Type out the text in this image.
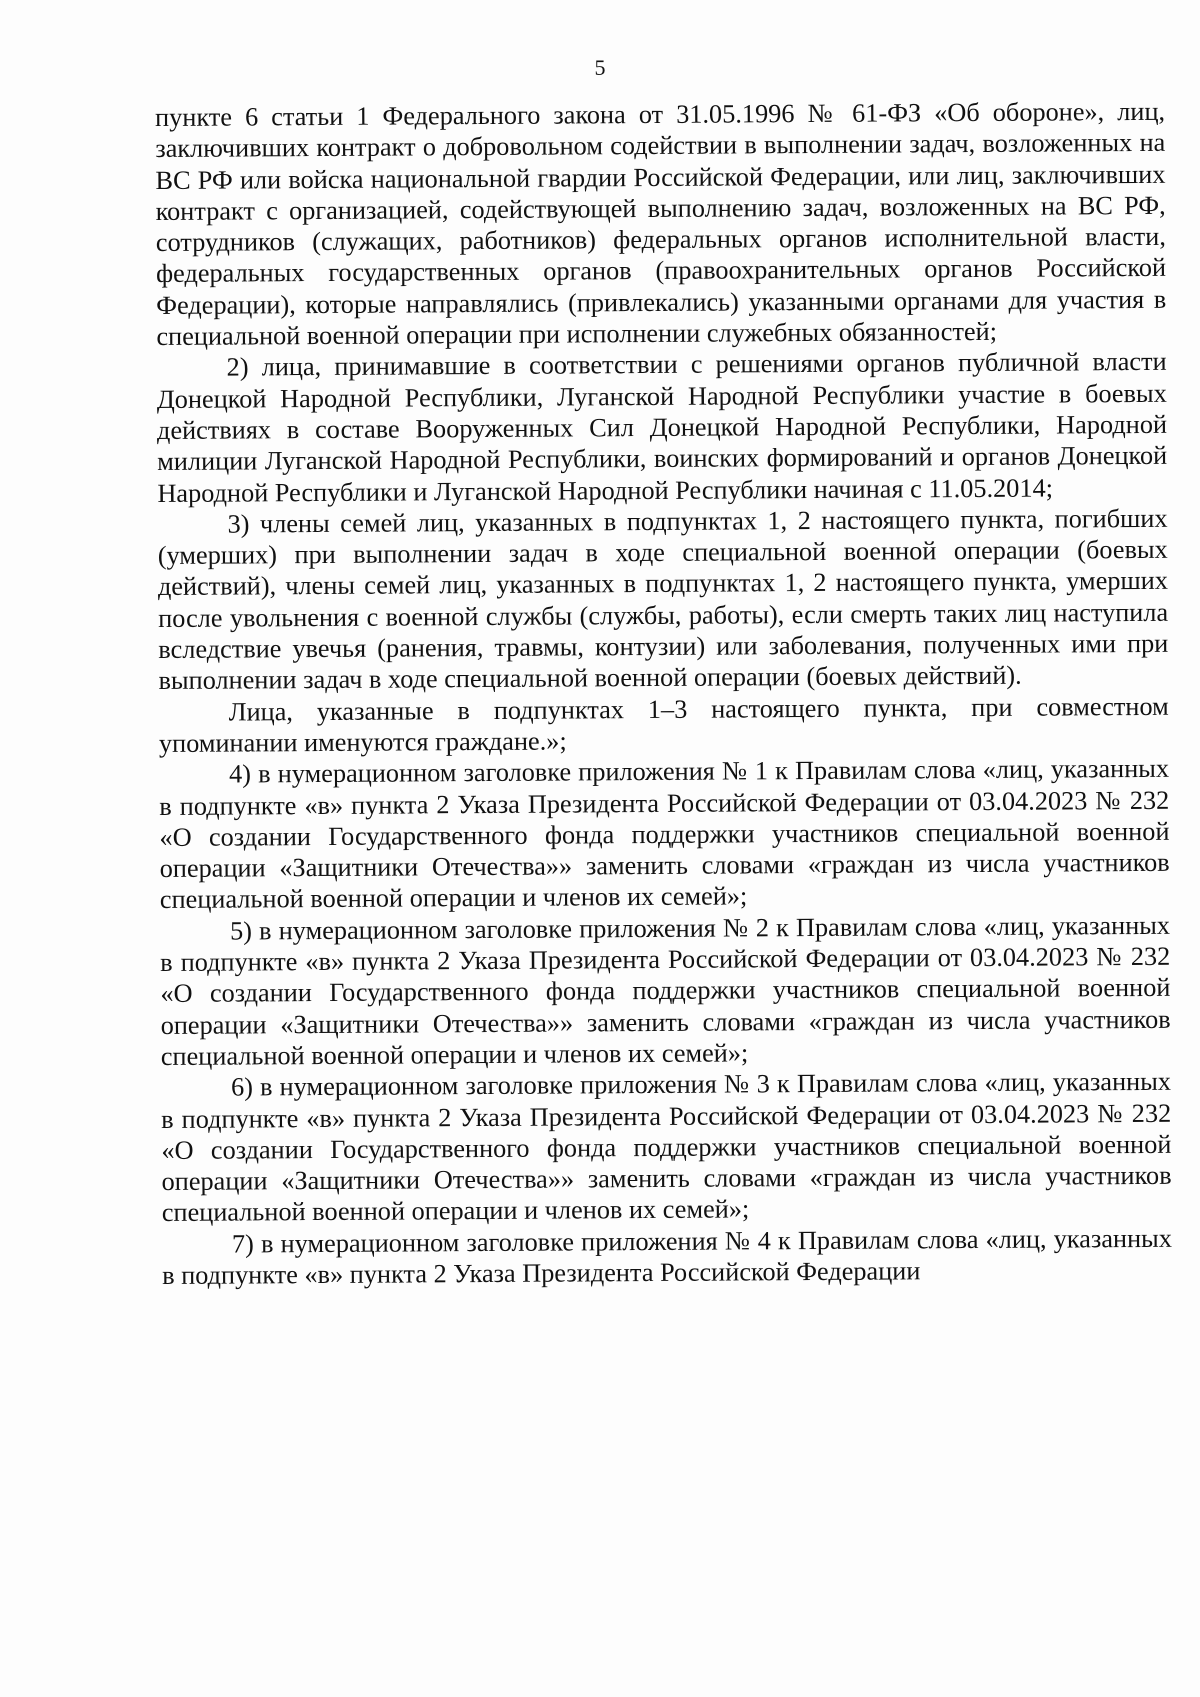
5

пункте 6 статьи 1 Федерального закона от 31.05.1996 № 61-ФЗ «Об обороне», лиц, заключивших контракт о добровольном содействии в выполнении задач, возложенных на ВС РФ или войска национальной гвардии Российской Федерации, или лиц, заключивших контракт с организацией, содействующей выполнению задач, возложенных на ВС РФ, сотрудников (служащих, работников) федеральных органов исполнительной власти, федеральных государственных органов (правоохранительных органов Российской Федерации), которые направлялись (привлекались) указанными органами для участия в специальной военной операции при исполнении служебных обязанностей;

2) лица, принимавшие в соответствии с решениями органов публичной власти Донецкой Народной Республики, Луганской Народной Республики участие в боевых действиях в составе Вооруженных Сил Донецкой Народной Республики, Народной милиции Луганской Народной Республики, воинских формирований и органов Донецкой Народной Республики и Луганской Народной Республики начиная с 11.05.2014;

3) члены семей лиц, указанных в подпунктах 1, 2 настоящего пункта, погибших (умерших) при выполнении задач в ходе специальной военной операции (боевых действий), члены семей лиц, указанных в подпунктах 1, 2 настоящего пункта, умерших после увольнения с военной службы (службы, работы), если смерть таких лиц наступила вследствие увечья (ранения, травмы, контузии) или заболевания, полученных ими при выполнении задач в ходе специальной военной операции (боевых действий).

Лица, указанные в подпунктах 1–3 настоящего пункта, при совместном упоминании именуются граждане.»;

4) в нумерационном заголовке приложения № 1 к Правилам слова «лиц, указанных в подпункте «в» пункта 2 Указа Президента Российской Федерации от 03.04.2023 № 232 «О создании Государственного фонда поддержки участников специальной военной операции «Защитники Отечества»» заменить словами «граждан из числа участников специальной военной операции и членов их семей»;

5) в нумерационном заголовке приложения № 2 к Правилам слова «лиц, указанных в подпункте «в» пункта 2 Указа Президента Российской Федерации от 03.04.2023 № 232 «О создании Государственного фонда поддержки участников специальной военной операции «Защитники Отечества»» заменить словами «граждан из числа участников специальной военной операции и членов их семей»;

6) в нумерационном заголовке приложения № 3 к Правилам слова «лиц, указанных в подпункте «в» пункта 2 Указа Президента Российской Федерации от 03.04.2023 № 232 «О создании Государственного фонда поддержки участников специальной военной операции «Защитники Отечества»» заменить словами «граждан из числа участников специальной военной операции и членов их семей»;

7) в нумерационном заголовке приложения № 4 к Правилам слова «лиц, указанных в подпункте «в» пункта 2 Указа Президента Российской Федерации
